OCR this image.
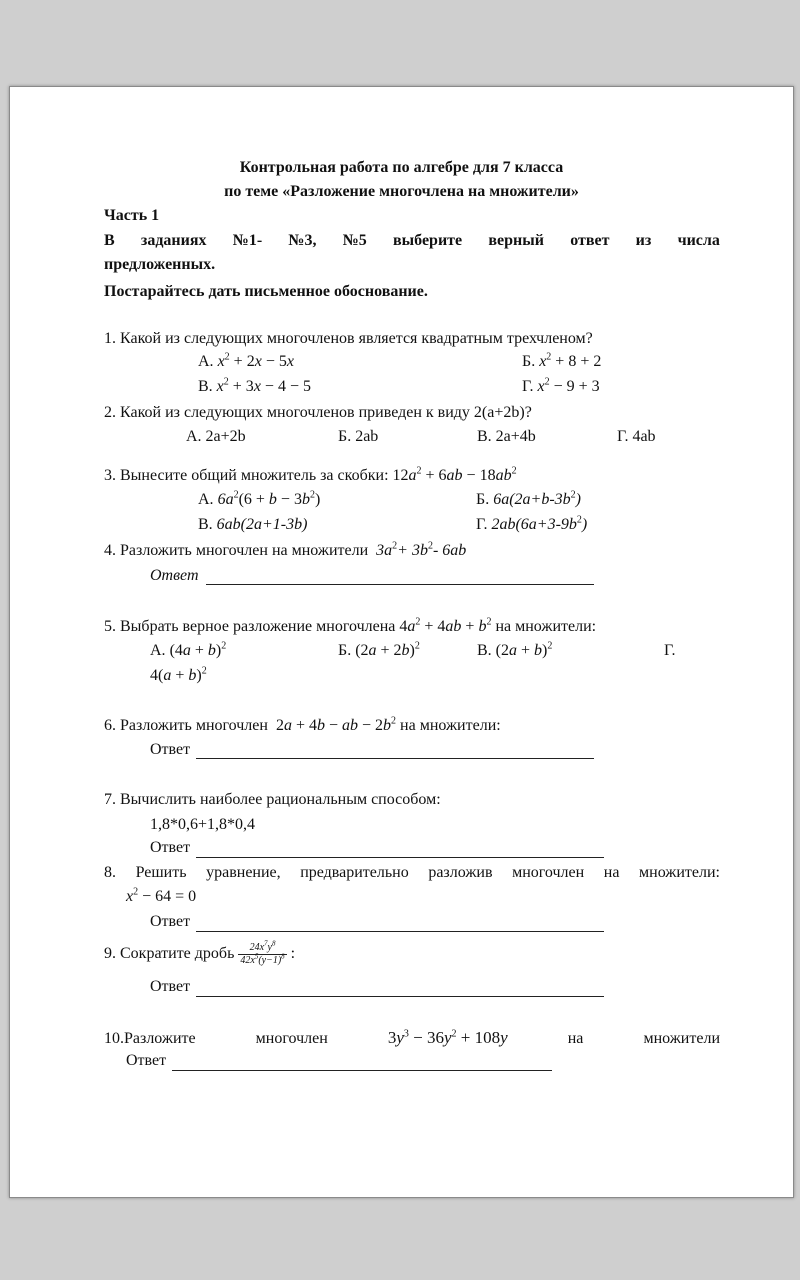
Контрольная работа по алгебре для 7 класса
по теме «Разложение многочлена на множители»
Часть 1
В заданиях №1- №3, №5 выберите верный ответ из числа
предложенных.
Постарайтесь дать письменное обоснование.
1. Какой из следующих многочленов является квадратным трехчленом?
А. $x^2 + 2x - 5x$	Б. $x^2 + 8 + 2$
В. $x^2 + 3x - 4 - 5$	Г. $x^2 - 9 + 3$
2. Какой из следующих многочленов приведен к виду 2(a+2b)?
А. 2a+2b	Б. 2ab	В. 2a+4b	Г. 4ab
3. Вынесите общий множитель за скобки: $12a^2 + 6ab - 18ab^2$
А. $6a^2(6 + b - 3b^2)$	Б. $6a(2a+b-3b^2)$
В. 6ab(2a+1-3b)	Г. $2ab(6a+3-9b^2)$
4. Разложить многочлен на множители $3a^2+ 3b^2-$ 6ab
Ответ
5. Выбрать верное разложение многочлена $4a^2 + 4ab + b^2$ на множители:
А. $(4a + b)^2$	Б. $(2a + 2b)^2$	В. $(2a + b)^2$	Г.
$4(a + b)^2$
6. Разложить многочлен  2a + 4b − ab − $2b^2$ на множители:
Ответ
7. Вычислить наиболее рациональным способом:
1,8*0,6+1,8*0,4
Ответ
8. Решить уравнение, предварительно разложив многочлен на множители:
$x^2 - 64 = 0$
Ответ
9. Сократите дробь $\frac{24x^7y^8}{42x^5(y-1)^8}$ :
Ответ
10.Разложите	многочлен	$3y^3 - 36y^2 + 108y$	на	множители
Ответ
